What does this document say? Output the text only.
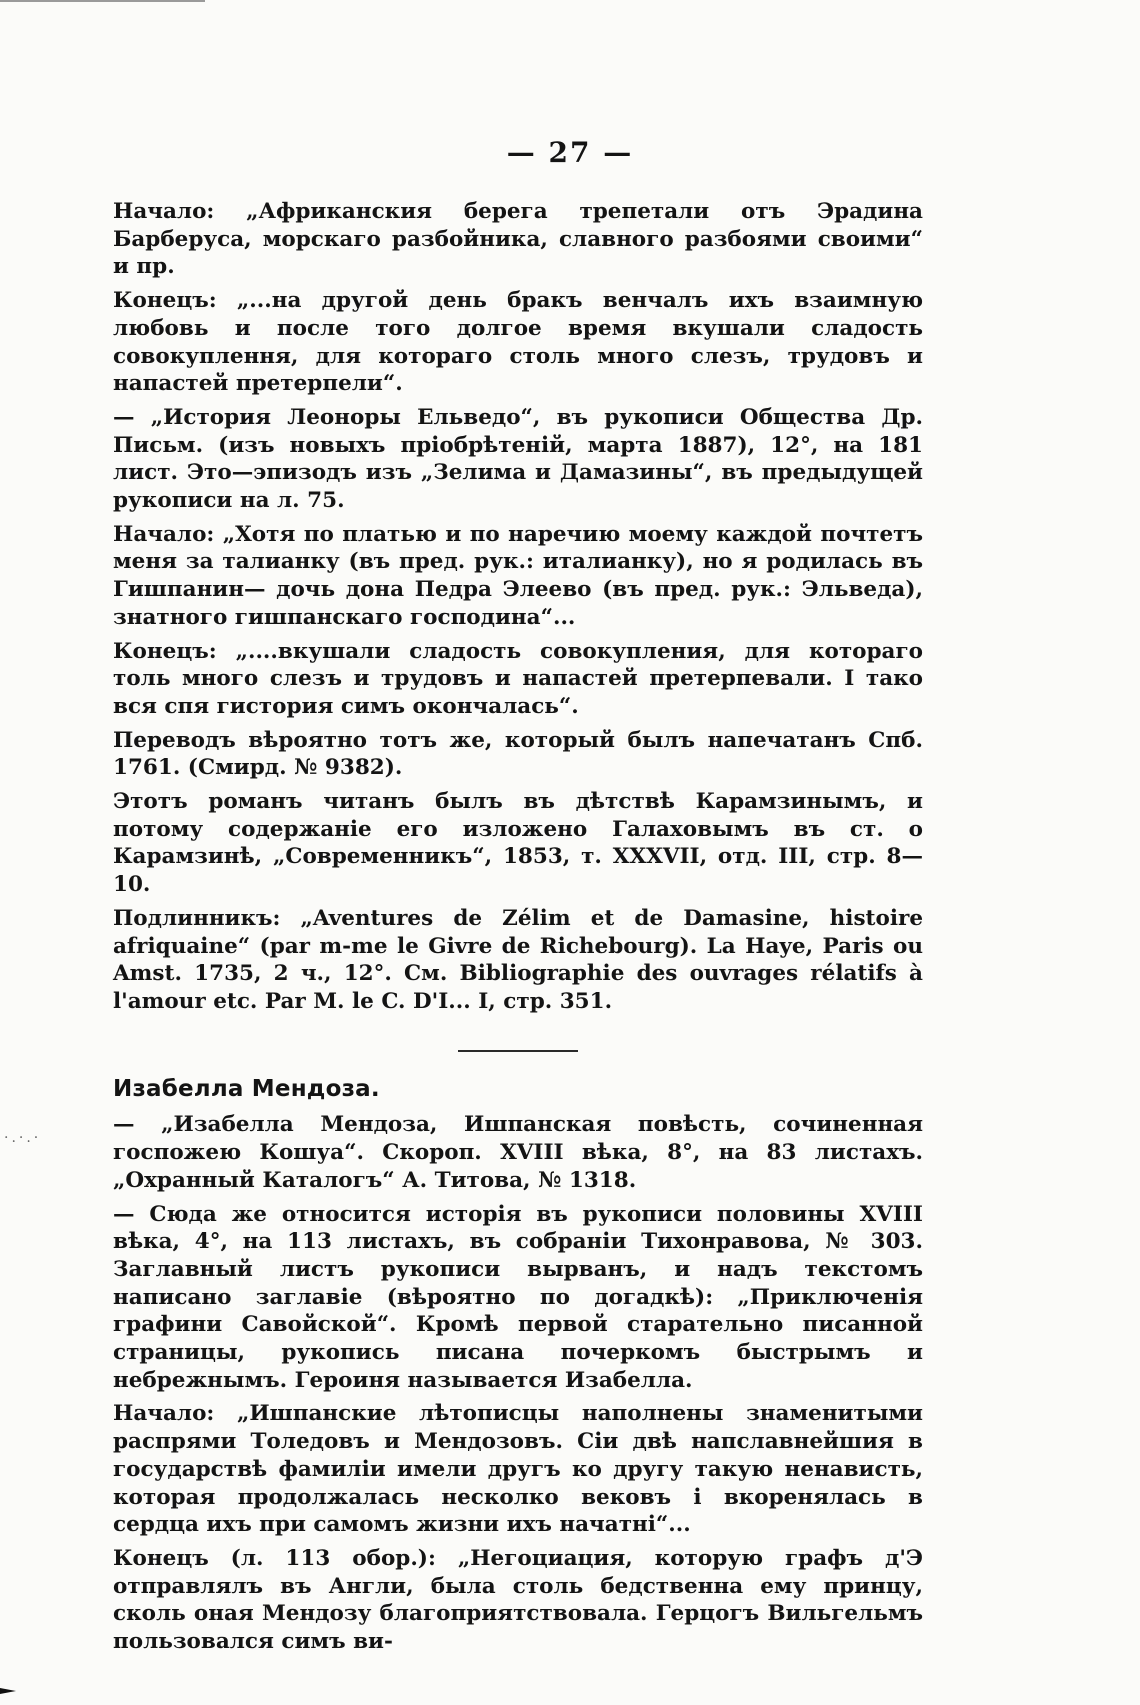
·.·.·
— 27 —

Начало: „Африканския берега трепетали отъ Эрадина Барберуса, морскаго разбойника, славного разбоями своими“ и пр.

Конецъ: „...на другой день бракъ венчалъ ихъ взаимную любовь и после того долгое время вкушали сладость совокуплення, для котораго столь много слезъ, трудовъ и напастей претерпели“.

— „История Леоноры Ельведо“, въ рукописи Общества Др. Письм. (изъ новыхъ пріобрѣтеній, марта 1887), 12°, на 181 лист. Это—эпизодъ изъ „Зелима и Дамазины“, въ предыдущей рукописи на л. 75.

Начало: „Хотя по платью и по наречию моему каждой почтетъ меня за талианку (въ пред. рук.: италианку), но я родилась въ Гишпанин— дочь дона Педра Элеево (въ пред. рук.: Эльведа), знатного гишпанскаго господина“...

Конецъ: „....вкушали сладость совокупления, для котораго толь много слезъ и трудовъ и напастей претерпевали. І тако вся спя гистория симъ окончалась“.

Переводъ вѣроятно тотъ же, который былъ напечатанъ Спб. 1761. (Смирд. № 9382).

Этотъ романъ читанъ былъ въ дѣтствѣ Карамзинымъ, и потому содержаніе его изложено Галаховымъ въ ст. о Карамзинѣ, „Современникъ“, 1853, т. XXXVII, отд. III, стр. 8—10.

Подлинникъ: „Aventures de Zélim et de Damasine, histoire afriquaine“ (par m-me le Givre de Richebourg). La Haye, Paris ou Amst. 1735, 2 ч., 12°. См. Bibliographie des ouvrages rélatifs à l'amour etc. Par M. le C. D'I... I, стр. 351.

Изабелла Мендоза.

— „Изабелла Мендоза, Ишпанская повѣсть, сочиненная госпожею Кошуа“. Скороп. XVIII вѣка, 8°, на 83 листахъ. „Охранный Каталогъ“ А. Титова, № 1318.

— Сюда же относится исторія въ рукописи половины XVIII вѣка, 4°, на 113 листахъ, въ собраніи Тихонравова, № 303. Заглавный листъ рукописи вырванъ, и надъ текстомъ написано заглавіе (вѣроятно по догадкѣ): „Приключенія графини Савойской“. Кромѣ первой старательно писанной страницы, рукопись писана почеркомъ быстрымъ и небрежнымъ. Героиня называется Изабелла.

Начало: „Ишпанские лѣтописцы наполнены знаменитыми распрями Толедовъ и Мендозовъ. Сіи двѣ напславнейшия в государствѣ фамиліи имели другъ ко другу такую ненависть, которая продолжалась несколко вековъ і вкоренялась в сердца ихъ при самомъ жизни ихъ начатні“...

Конецъ (л. 113 обор.): „Негоциация, которую графъ д'Э отправлялъ въ Англи, была столь бедственна ему принцу, сколь оная Мендозу благоприятствовала. Герцогъ Вильгельмъ пользовался симъ ви-
